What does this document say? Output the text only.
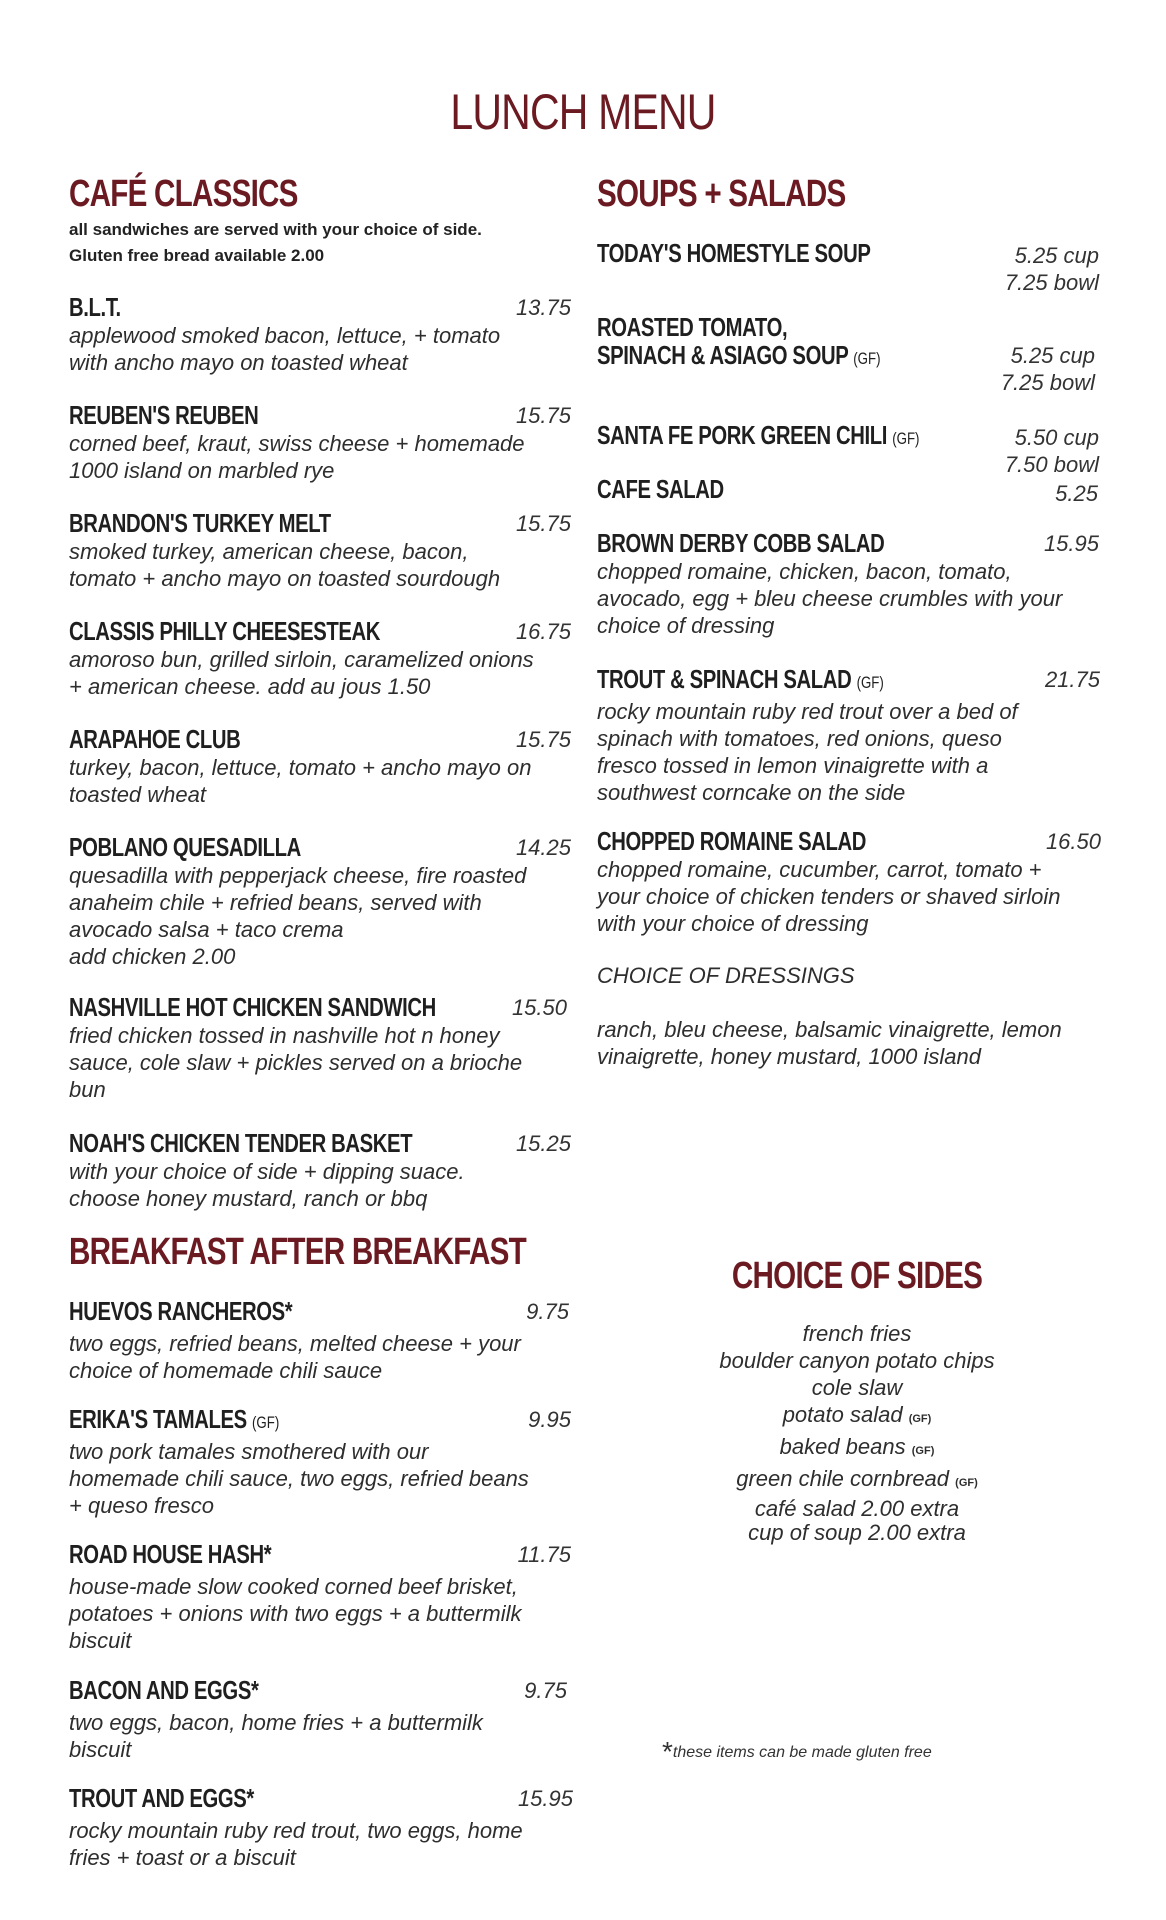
LUNCH MENU
CAFÉ CLASSICS
all sandwiches are served with your choice of side.
Gluten free bread available 2.00
B.L.T.	13.75
applewood smoked bacon, lettuce, + tomato
with ancho mayo on toasted wheat
REUBEN'S REUBEN	15.75
corned beef, kraut, swiss cheese + homemade
1000 island on marbled rye
BRANDON'S TURKEY MELT	15.75
smoked turkey, american cheese, bacon,
tomato + ancho mayo on toasted sourdough
CLASSIS PHILLY CHEESESTEAK	16.75
amoroso bun, grilled sirloin, caramelized onions
+ american cheese. add au jous 1.50
ARAPAHOE CLUB	15.75
turkey, bacon, lettuce, tomato + ancho mayo on
toasted wheat
POBLANO QUESADILLA	14.25
quesadilla with pepperjack cheese, fire roasted
anaheim chile + refried beans, served with
avocado salsa + taco crema
add chicken 2.00
NASHVILLE HOT CHICKEN SANDWICH	15.50
fried chicken tossed in nashville hot n honey
sauce, cole slaw + pickles served on a brioche
bun
NOAH'S CHICKEN TENDER BASKET	15.25
with your choice of side + dipping suace.
choose honey mustard, ranch or bbq
BREAKFAST AFTER BREAKFAST
HUEVOS RANCHEROS*	9.75
two eggs, refried beans, melted cheese + your
choice of homemade chili sauce
ERIKA'S TAMALES (GF)	9.95
two pork tamales smothered with our
homemade chili sauce, two eggs, refried beans
+ queso fresco
ROAD HOUSE HASH*	11.75
house-made slow cooked corned beef brisket,
potatoes + onions with two eggs + a buttermilk
biscuit
BACON AND EGGS*	9.75
two eggs, bacon, home fries + a buttermilk
biscuit
TROUT AND EGGS*	15.95
rocky mountain ruby red trout, two eggs, home
fries + toast or a biscuit
SOUPS + SALADS
TODAY'S HOMESTYLE SOUP	5.25 cup
7.25 bowl
ROASTED TOMATO,
SPINACH & ASIAGO SOUP (GF)	5.25 cup
7.25 bowl
SANTA FE PORK GREEN CHILI (GF)	5.50 cup
7.50 bowl
CAFE SALAD	5.25
BROWN DERBY COBB SALAD	15.95
chopped romaine, chicken, bacon, tomato,
avocado, egg + bleu cheese crumbles with your
choice of dressing
TROUT & SPINACH SALAD (GF)	21.75
rocky mountain ruby red trout over a bed of
spinach with tomatoes, red onions, queso
fresco tossed in lemon vinaigrette with a
southwest corncake on the side
CHOPPED ROMAINE SALAD	16.50
chopped romaine, cucumber, carrot, tomato +
your choice of chicken tenders or shaved sirloin
with your choice of dressing
CHOICE OF DRESSINGS
ranch, bleu cheese, balsamic vinaigrette, lemon
vinaigrette, honey mustard, 1000 island
CHOICE OF SIDES
french fries
boulder canyon potato chips
cole slaw
potato salad (GF)
baked beans (GF)
green chile cornbread (GF)
café salad 2.00 extra
cup of soup 2.00 extra
*these items can be made gluten free
